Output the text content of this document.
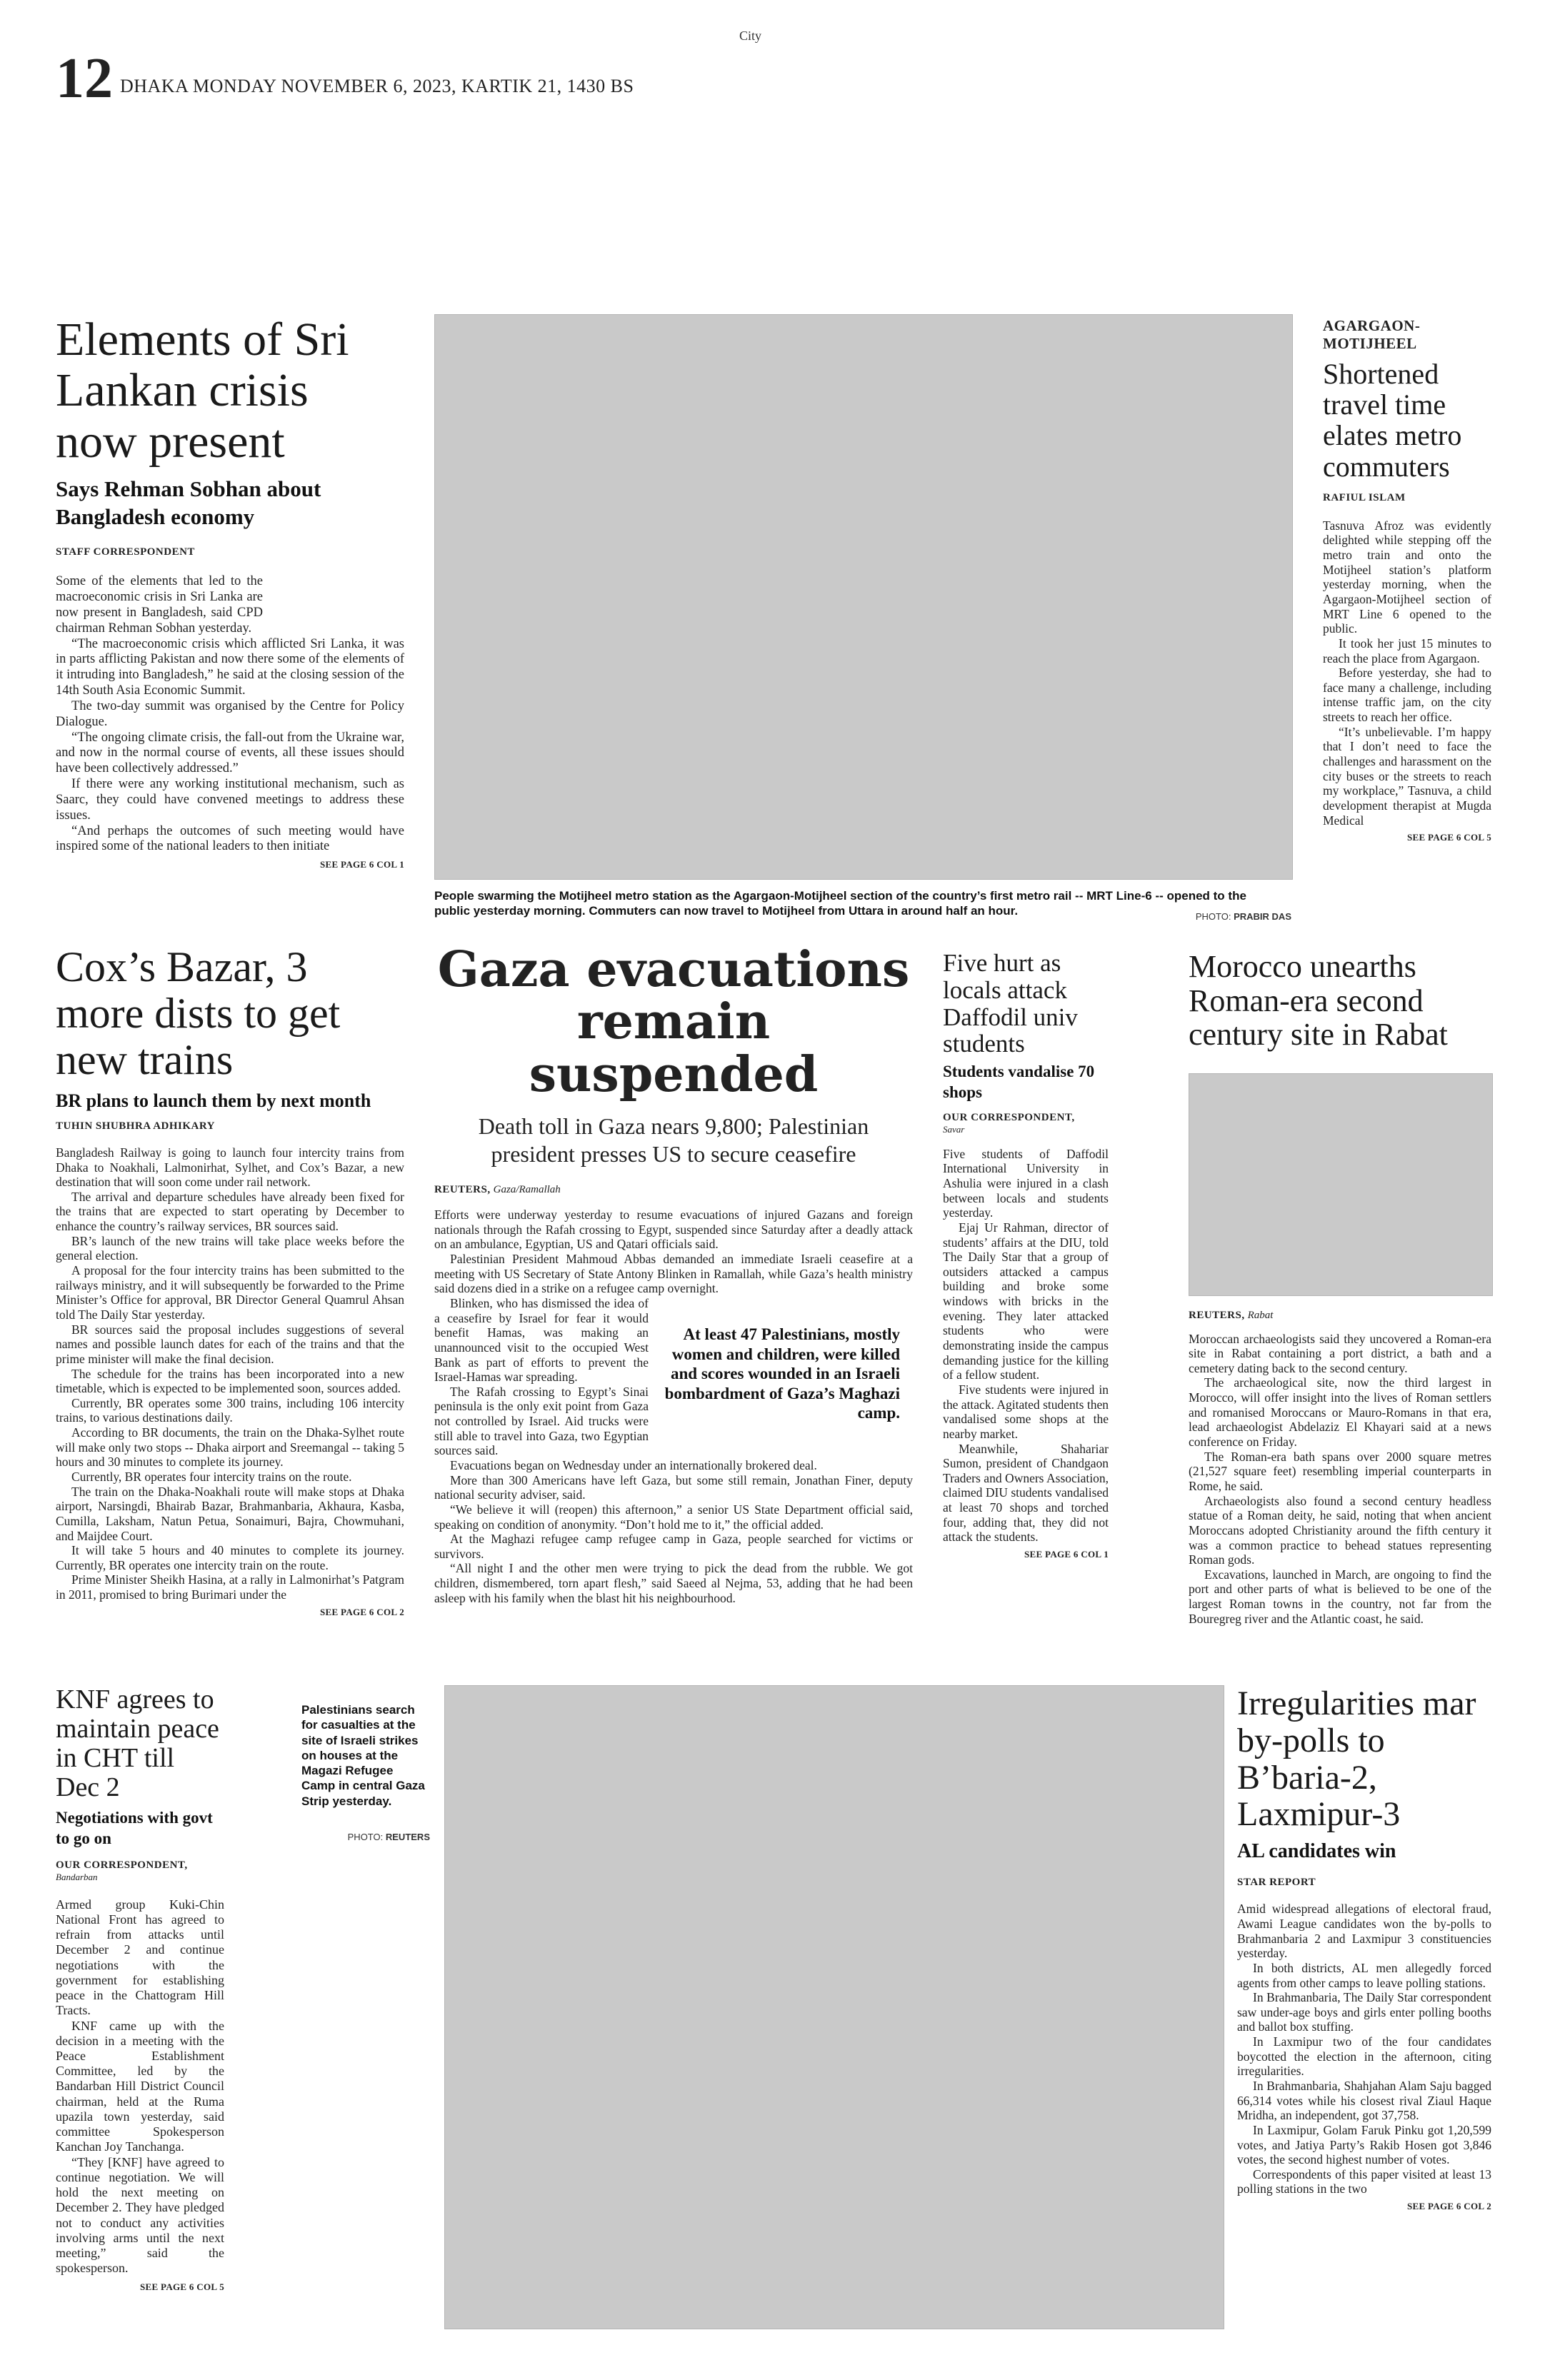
City
12 DHAKA MONDAY NOVEMBER 6, 2023, KARTIK 21, 1430 BS
Elements of Sri Lankan crisis now present
Says Rehman Sobhan about Bangladesh economy
STAFF CORRESPONDENT

Some of the elements that led to the macroeconomic crisis in Sri Lanka are now present in Bangladesh, said CPD chairman Rehman Sobhan yesterday.

“The macroeconomic crisis which afflicted Sri Lanka, it was in parts afflicting Pakistan and now there some of the elements of it intruding into Bangladesh,” he said at the closing session of the 14th South Asia Economic Summit.

The two-day summit was organised by the Centre for Policy Dialogue.

“The ongoing climate crisis, the fall-out from the Ukraine war, and now in the normal course of events, all these issues should have been collectively addressed.”

If there were any working institutional mechanism, such as Saarc, they could have convened meetings to address these issues.

“And perhaps the outcomes of such meeting would have inspired some of the national leaders to then initiate

SEE PAGE 6 COL 1
People swarming the Motijheel metro station as the Agargaon-Motijheel section of the country’s first metro rail -- MRT Line-6 -- opened to the public yesterday morning. Commuters can now travel to Motijheel from Uttara in around half an hour.	PHOTO: PRABIR DAS
AGARGAON-MOTIJHEEL
Shortened travel time elates metro commuters
RAFIUL ISLAM

Tasnuva Afroz was evidently delighted while stepping off the metro train and onto the Motijheel station’s platform yesterday morning, when the Agargaon-Motijheel section of MRT Line 6 opened to the public.

It took her just 15 minutes to reach the place from Agargaon.

Before yesterday, she had to face many a challenge, including intense traffic jam, on the city streets to reach her office.

“It’s unbelievable. I’m happy that I don’t need to face the challenges and harassment on the city buses or the streets to reach my workplace,” Tasnuva, a child development therapist at Mugda Medical

SEE PAGE 6 COL 5
Cox’s Bazar, 3 more dists to get new trains
BR plans to launch them by next month
TUHIN SHUBHRA ADHIKARY

Bangladesh Railway is going to launch four intercity trains from Dhaka to Noakhali, Lalmonirhat, Sylhet, and Cox’s Bazar, a new destination that will soon come under rail network.

The arrival and departure schedules have already been fixed for the trains that are expected to start operating by December to enhance the country’s railway services, BR sources said.

BR’s launch of the new trains will take place weeks before the general election.

A proposal for the four intercity trains has been submitted to the railways ministry, and it will subsequently be forwarded to the Prime Minister’s Office for approval, BR Director General Quamrul Ahsan told The Daily Star yesterday.

BR sources said the proposal includes suggestions of several names and possible launch dates for each of the trains and that the prime minister will make the final decision.

The schedule for the trains has been incorporated into a new timetable, which is expected to be implemented soon, sources added.

Currently, BR operates some 300 trains, including 106 intercity trains, to various destinations daily.

According to BR documents, the train on the Dhaka-Sylhet route will make only two stops -- Dhaka airport and Sreemangal -- taking 5 hours and 30 minutes to complete its journey.

Currently, BR operates four intercity trains on the route.

The train on the Dhaka-Noakhali route will make stops at Dhaka airport, Narsingdi, Bhairab Bazar, Brahmanbaria, Akhaura, Kasba, Cumilla, Laksham, Natun Petua, Sonaimuri, Bajra, Chowmuhani, and Maijdee Court.

It will take 5 hours and 40 minutes to complete its journey. Currently, BR operates one intercity train on the route.

Prime Minister Sheikh Hasina, at a rally in Lalmonirhat’s Patgram in 2011, promised to bring Burimari under the

SEE PAGE 6 COL 2
Gaza evacuations remain suspended
Death toll in Gaza nears 9,800; Palestinian president presses US to secure ceasefire
REUTERS, Gaza/Ramallah

Efforts were underway yesterday to resume evacuations of injured Gazans and foreign nationals through the Rafah crossing to Egypt, suspended since Saturday after a deadly attack on an ambulance, Egyptian, US and Qatari officials said.

Palestinian President Mahmoud Abbas demanded an immediate Israeli ceasefire at a meeting with US Secretary of State Antony Blinken in Ramallah, while Gaza’s health ministry said dozens died in a strike on a refugee camp overnight.

Blinken, who has dismissed the idea of a ceasefire by Israel for fear it would benefit Hamas, was making an unannounced visit to the occupied West Bank as part of efforts to prevent the Israel-Hamas war spreading.

The Rafah crossing to Egypt’s Sinai peninsula is the only exit point from Gaza not controlled by Israel. Aid trucks were still able to travel into Gaza, two Egyptian sources said.

At least 47 Palestinians, mostly women and children, were killed and scores wounded in an Israeli bombardment of Gaza’s Maghazi camp.

Evacuations began on Wednesday under an internationally brokered deal.

More than 300 Americans have left Gaza, but some still remain, Jonathan Finer, deputy national security adviser, said.

“We believe it will (reopen) this afternoon,” a senior US State Department official said, speaking on condition of anonymity. “Don’t hold me to it,” the official added.

At the Maghazi refugee camp refugee camp in Gaza, people searched for victims or survivors.

“All night I and the other men were trying to pick the dead from the rubble. We got children, dismembered, torn apart flesh,” said Saeed al Nejma, 53, adding that he had been asleep with his family when the blast hit his neighbourhood.

Five hurt as locals attack Daffodil univ students
Students vandalise 70 shops
OUR CORRESPONDENT,
Savar

Five students of Daffodil International University in Ashulia were injured in a clash between locals and students yesterday.

Ejaj Ur Rahman, director of students’ affairs at the DIU, told The Daily Star that a group of outsiders attacked a campus building and broke some windows with bricks in the evening. They later attacked students who were demonstrating inside the campus demanding justice for the killing of a fellow student.

Five students were injured in the attack. Agitated students then vandalised some shops at the nearby market.

Meanwhile, Shahariar Sumon, president of Chandgaon Traders and Owners Association, claimed DIU students vandalised at least 70 shops and torched four, adding that, they did not attack the students.

SEE PAGE 6 COL 1
Morocco unearths Roman-era second century site in Rabat
REUTERS, Rabat

Moroccan archaeologists said they uncovered a Roman-era site in Rabat containing a port district, a bath and a cemetery dating back to the second century.

The archaeological site, now the third largest in Morocco, will offer insight into the lives of Roman settlers and romanised Moroccans or Mauro-Romans in that era, lead archaeologist Abdelaziz El Khayari said at a news conference on Friday.

The Roman-era bath spans over 2000 square metres (21,527 square feet) resembling imperial counterparts in Rome, he said.

Archaeologists also found a second century headless statue of a Roman deity, he said, noting that when ancient Moroccans adopted Christianity around the fifth century it was a common practice to behead statues representing Roman gods.

Excavations, launched in March, are ongoing to find the port and other parts of what is believed to be one of the largest Roman towns in the country, not far from the Bouregreg river and the Atlantic coast, he said.

KNF agrees to maintain peace in CHT till Dec 2
Negotiations with govt to go on
OUR CORRESPONDENT,
Bandarban

Armed group Kuki-Chin National Front has agreed to refrain from attacks until December 2 and continue negotiations with the government for establishing peace in the Chattogram Hill Tracts.

KNF came up with the decision in a meeting with the Peace Establishment Committee, led by the Bandarban Hill District Council chairman, held at the Ruma upazila town yesterday, said committee Spokesperson Kanchan Joy Tanchanga.

“They [KNF] have agreed to continue negotiation. We will hold the next meeting on December 2. They have pledged not to conduct any activities involving arms until the next meeting,” said the spokesperson.

SEE PAGE 6 COL 5
Palestinians search for casualties at the site of Israeli strikes on houses at the Magazi Refugee Camp in central Gaza Strip yesterday.
PHOTO: REUTERS
Irregularities mar by-polls to B’baria-2, Laxmipur-3
AL candidates win
STAR REPORT

Amid widespread allegations of electoral fraud, Awami League candidates won the by-polls to Brahmanbaria 2 and Laxmipur 3 constituencies yesterday.

In both districts, AL men allegedly forced agents from other camps to leave polling stations.

In Brahmanbaria, The Daily Star correspondent saw under-age boys and girls enter polling booths and ballot box stuffing.

In Laxmipur two of the four candidates boycotted the election in the afternoon, citing irregularities.

In Brahmanbaria, Shahjahan Alam Saju bagged 66,314 votes while his closest rival Ziaul Haque Mridha, an independent, got 37,758.

In Laxmipur, Golam Faruk Pinku got 1,20,599 votes, and Jatiya Party’s Rakib Hosen got 3,846 votes, the second highest number of votes.

Correspondents of this paper visited at least 13 polling stations in the two

SEE PAGE 6 COL 2
